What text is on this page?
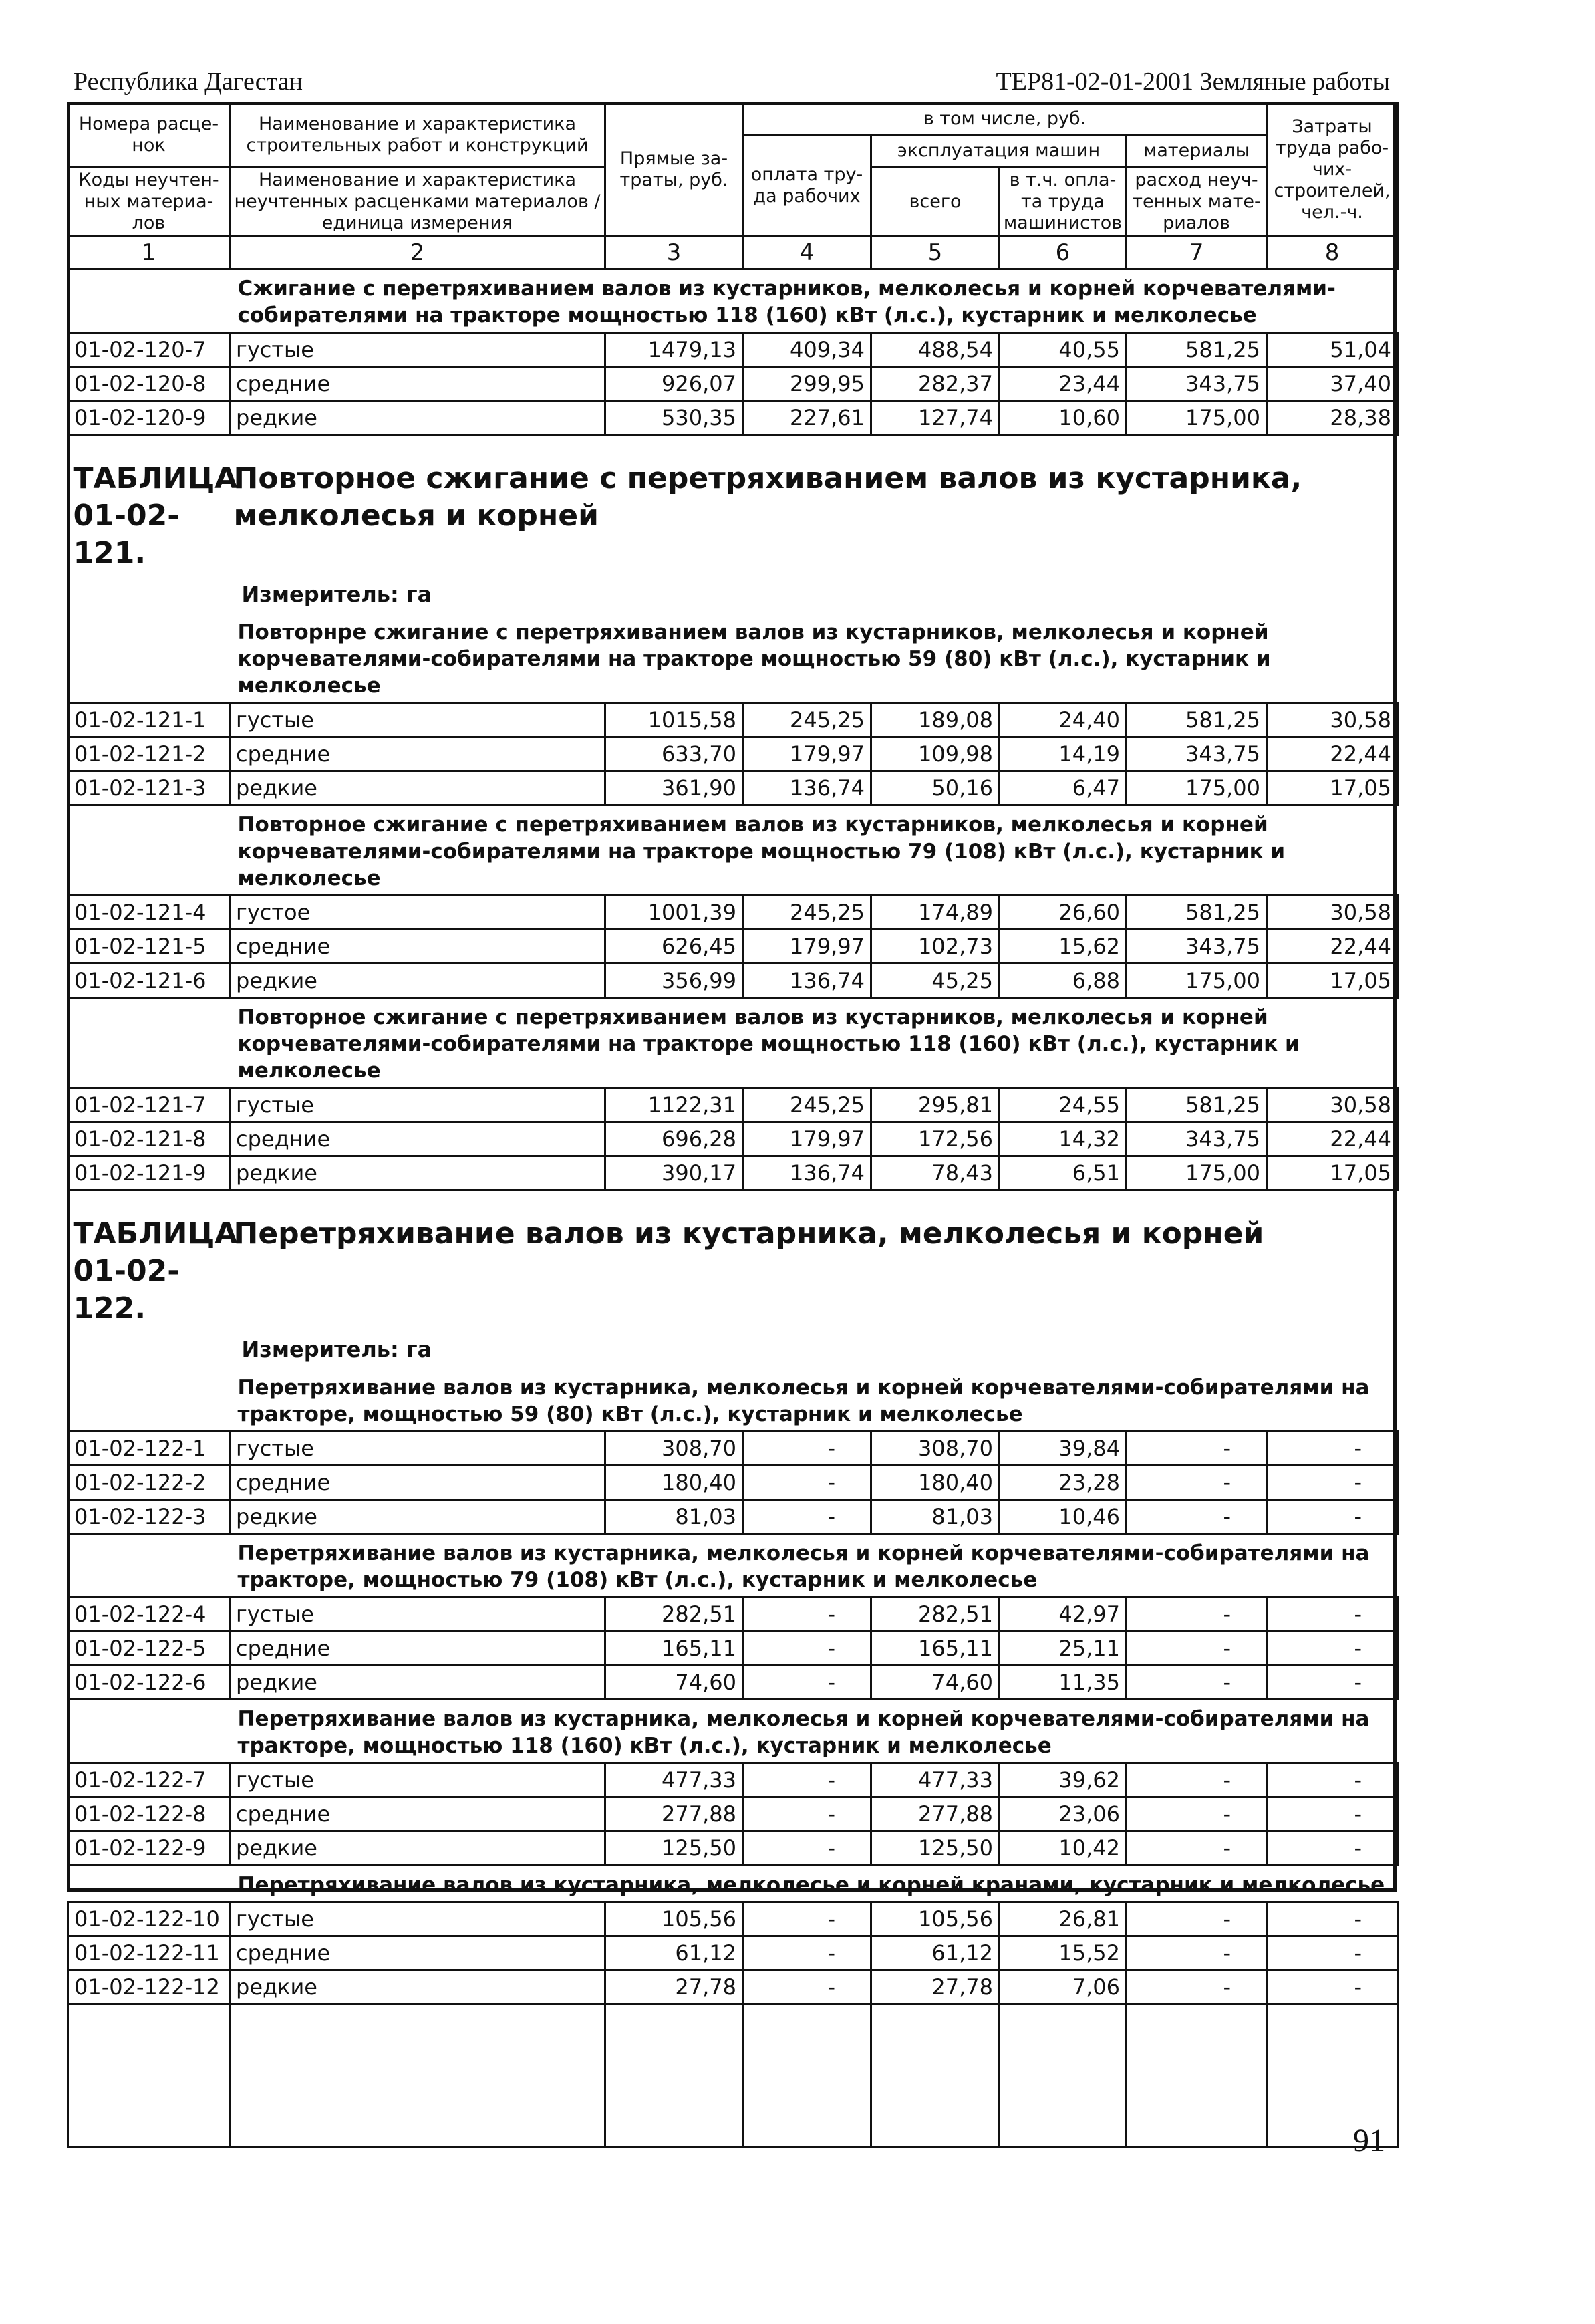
Республика Дагестан	ТЕР81-02-01-2001 Земляные работы
Номера расце-нок	Наименование и характеристика строительных работ и конструкций	Прямые за-траты, руб.	в том числе, руб.				Затраты труда рабо-чих-строителей, чел.-ч.
			оплата тру-да рабочих	эксплуатация машин		материалы	
Коды неучтен-ных материа-лов	Наименование и характеристика неучтенных расценками материалов / единица измерения			всего	в т.ч. опла-та труда машинистов	расход неуч-тенных мате-риалов	

1	2	3	4	5	6	7	8
	Сжигание с перетряхиванием валов из кустарников, мелколесья и корней корчевателями-собирателями на тракторе мощностью 118 (160) кВт (л.с.), кустарник и мелколесье						
01-02-120-7	густые	1479,13	409,34	488,54	40,55	581,25	51,04
01-02-120-8	средние	926,07	299,95	282,37	23,44	343,75	37,40
01-02-120-9	редкие	530,35	227,61	127,74	10,60	175,00	28,38

ТАБЛИЦА 01-02-121.
Повторное сжигание с перетряхиванием валов из кустарника, мелколесья и корней
Измеритель: га							

	Повторнре сжигание с перетряхиванием валов из кустарников, мелколесья и корней корчевателями-собирателями на тракторе мощностью 59 (80) кВт (л.с.), кустарник и мелколесье						
01-02-121-1	густые	1015,58	245,25	189,08	24,40	581,25	30,58
01-02-121-2	средние	633,70	179,97	109,98	14,19	343,75	22,44
01-02-121-3	редкие	361,90	136,74	50,16	6,47	175,00	17,05
	Повторное сжигание с перетряхиванием валов из кустарников, мелколесья и корней корчевателями-собирателями на тракторе мощностью 79 (108) кВт (л.с.), кустарник и мелколесье						
01-02-121-4	густое	1001,39	245,25	174,89	26,60	581,25	30,58
01-02-121-5	средние	626,45	179,97	102,73	15,62	343,75	22,44
01-02-121-6	редкие	356,99	136,74	45,25	6,88	175,00	17,05
	Повторное сжигание с перетряхиванием валов из кустарников, мелколесья и корней корчевателями-собирателями на тракторе мощностью 118 (160) кВт (л.с.), кустарник и мелколесье						
01-02-121-7	густые	1122,31	245,25	295,81	24,55	581,25	30,58
01-02-121-8	средние	696,28	179,97	172,56	14,32	343,75	22,44
01-02-121-9	редкие	390,17	136,74	78,43	6,51	175,00	17,05

ТАБЛИЦА 01-02-122.
Перетряхивание валов из кустарника, мелколесья и корней
Измеритель: га							

	Перетряхивание валов из кустарника, мелколесья и корней корчевателями-собирателями на тракторе, мощностью 59 (80) кВт (л.с.), кустарник и мелколесье						
01-02-122-1	густые	308,70	-	308,70	39,84	-	-
01-02-122-2	средние	180,40	-	180,40	23,28	-	-
01-02-122-3	редкие	81,03	-	81,03	10,46	-	-
	Перетряхивание валов из кустарника, мелколесья и корней корчевателями-собирателями на тракторе, мощностью 79 (108) кВт (л.с.), кустарник и мелколесье						
01-02-122-4	густые	282,51	-	282,51	42,97	-	-
01-02-122-5	средние	165,11	-	165,11	25,11	-	-
01-02-122-6	редкие	74,60	-	74,60	11,35	-	-
	Перетряхивание валов из кустарника, мелколесья и корней корчевателями-собирателями на тракторе, мощностью 118 (160) кВт (л.с.), кустарник и мелколесье						
01-02-122-7	густые	477,33	-	477,33	39,62	-	-
01-02-122-8	средние	277,88	-	277,88	23,06	-	-
01-02-122-9	редкие	125,50	-	125,50	10,42	-	-
	Перетряхивание валов из кустарника, мелколесье и корней кранами, кустарник и мелколесье						
01-02-122-10	густые	105,56	-	105,56	26,81	-	-
01-02-122-11	средние	61,12	-	61,12	15,52	-	-
01-02-122-12	редкие	27,78	-	27,78	7,06	-	-

91
